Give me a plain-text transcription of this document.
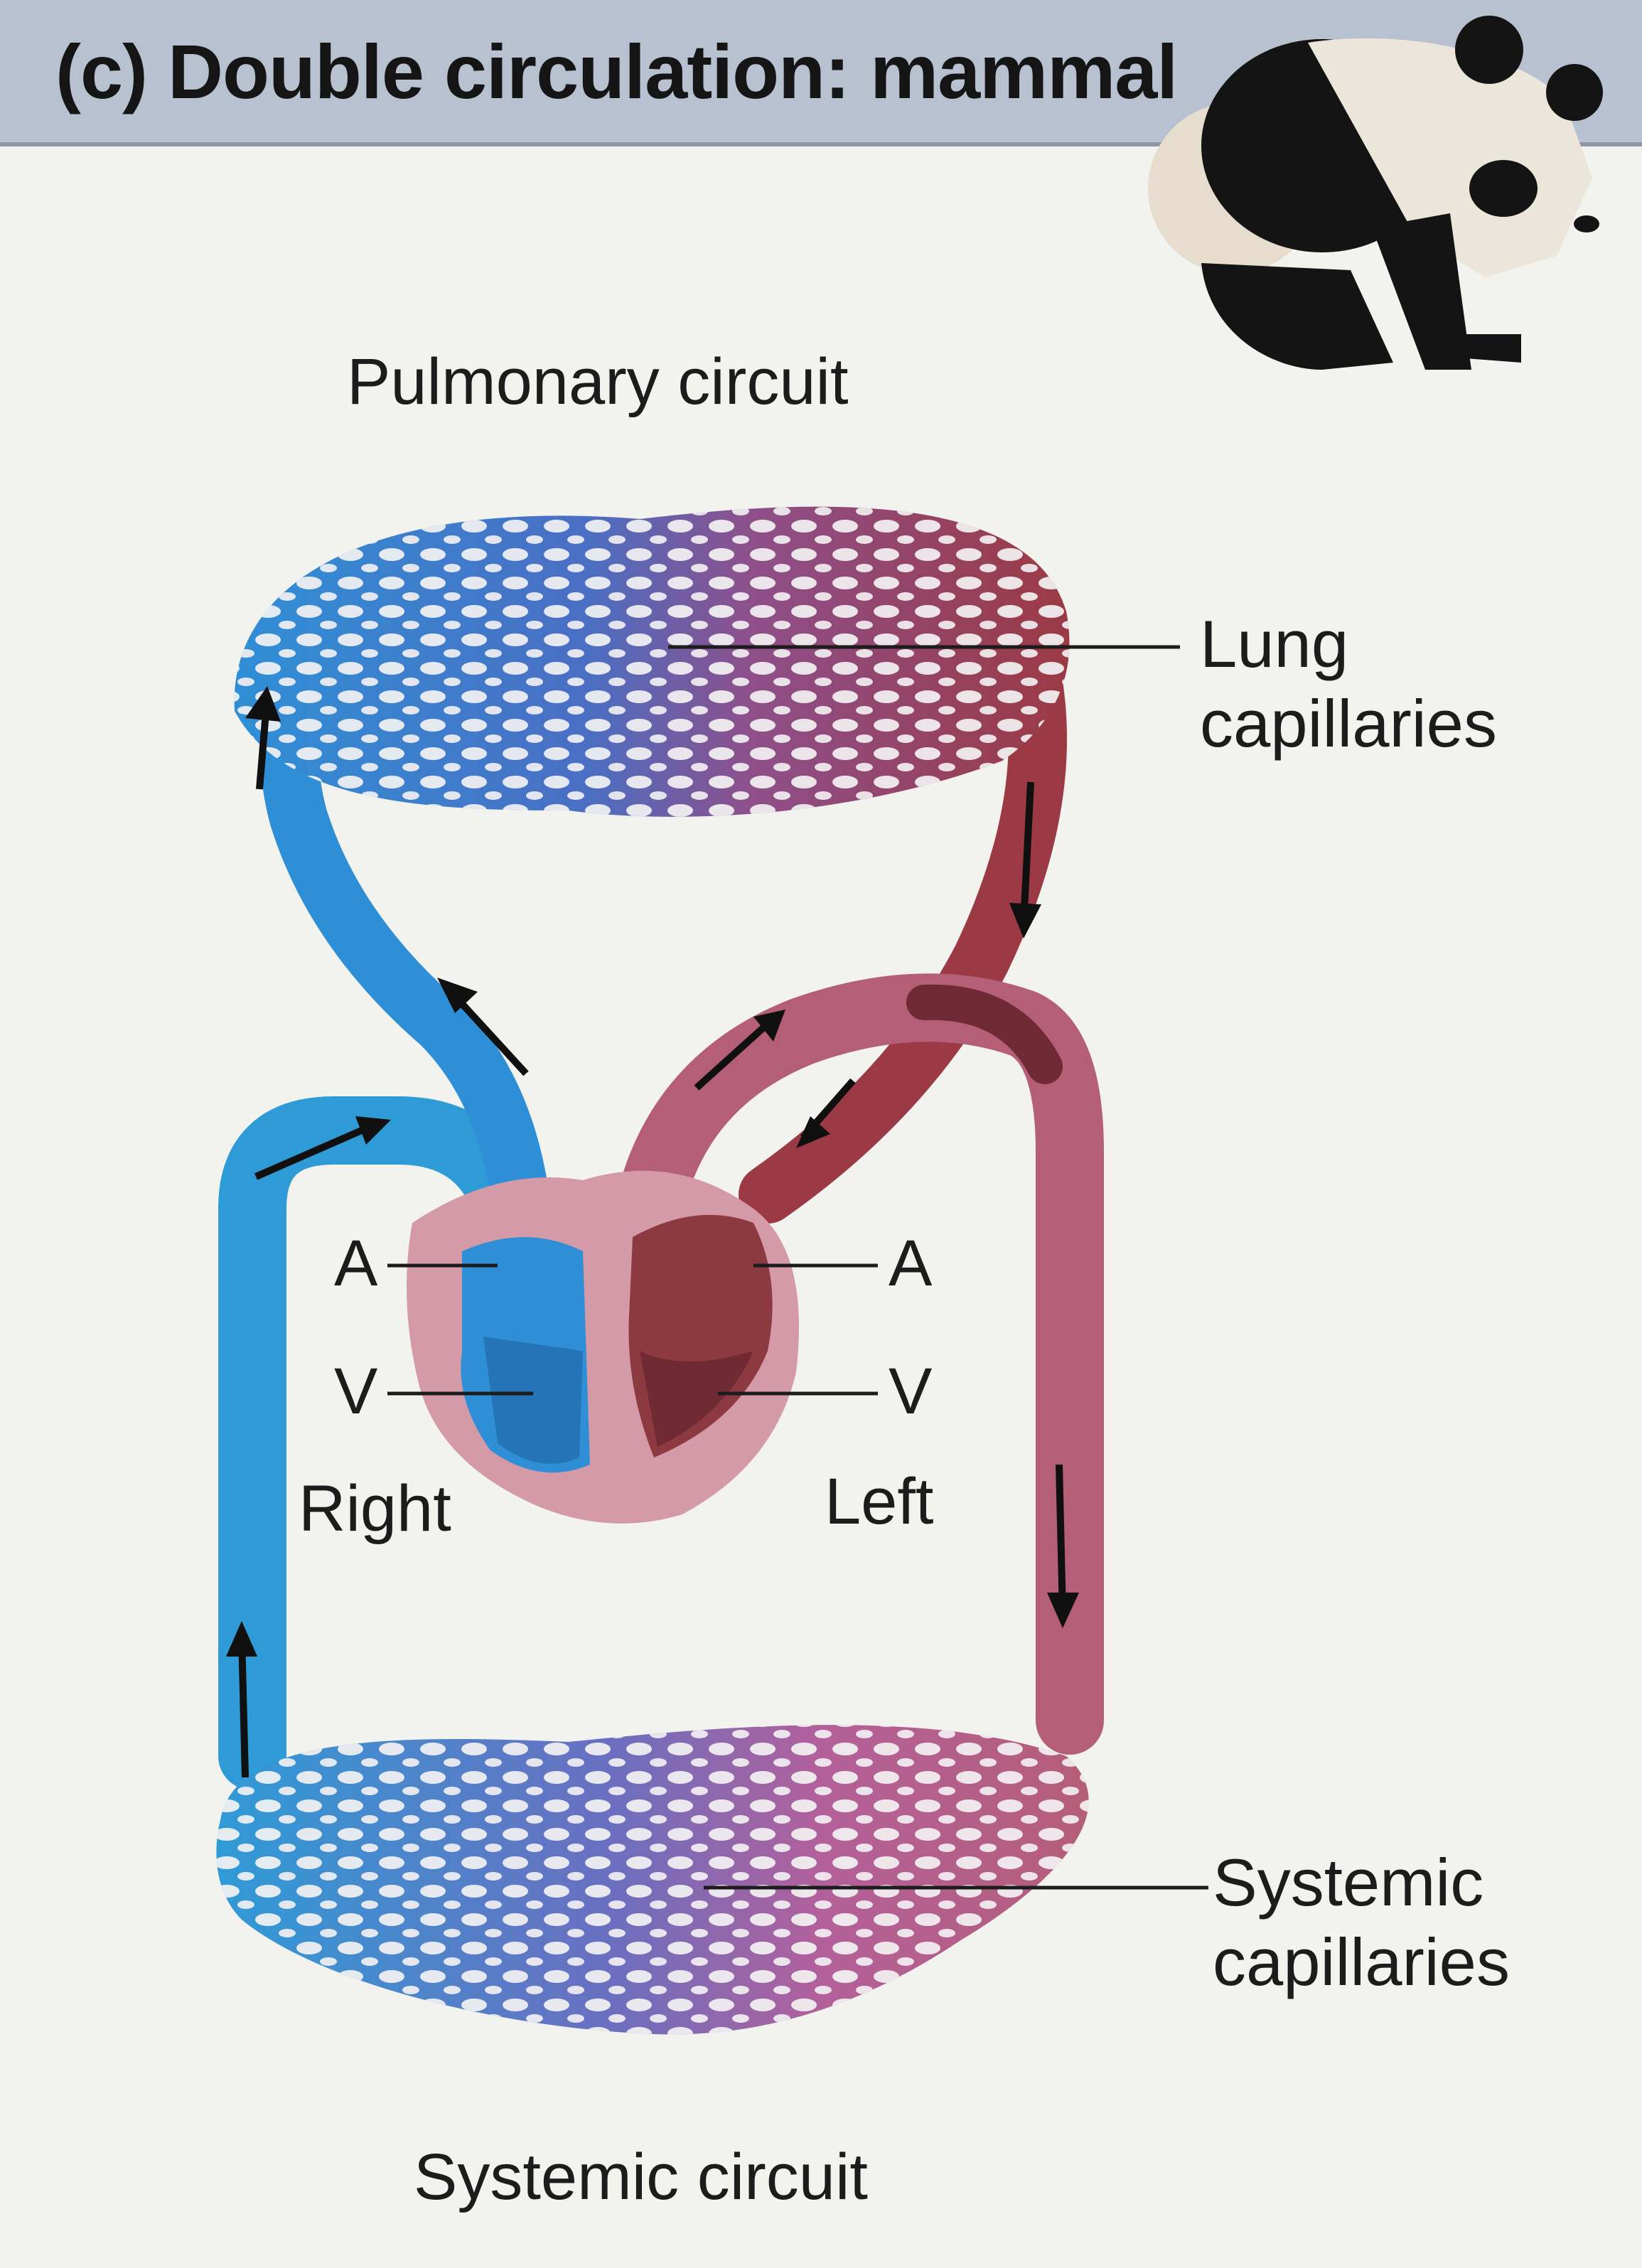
(c) Double circulation: mammal
Pulmonary circuit
Systemic circuit
Lung
capillaries
Systemic
capillaries
A
V
A
V
Right	Left
